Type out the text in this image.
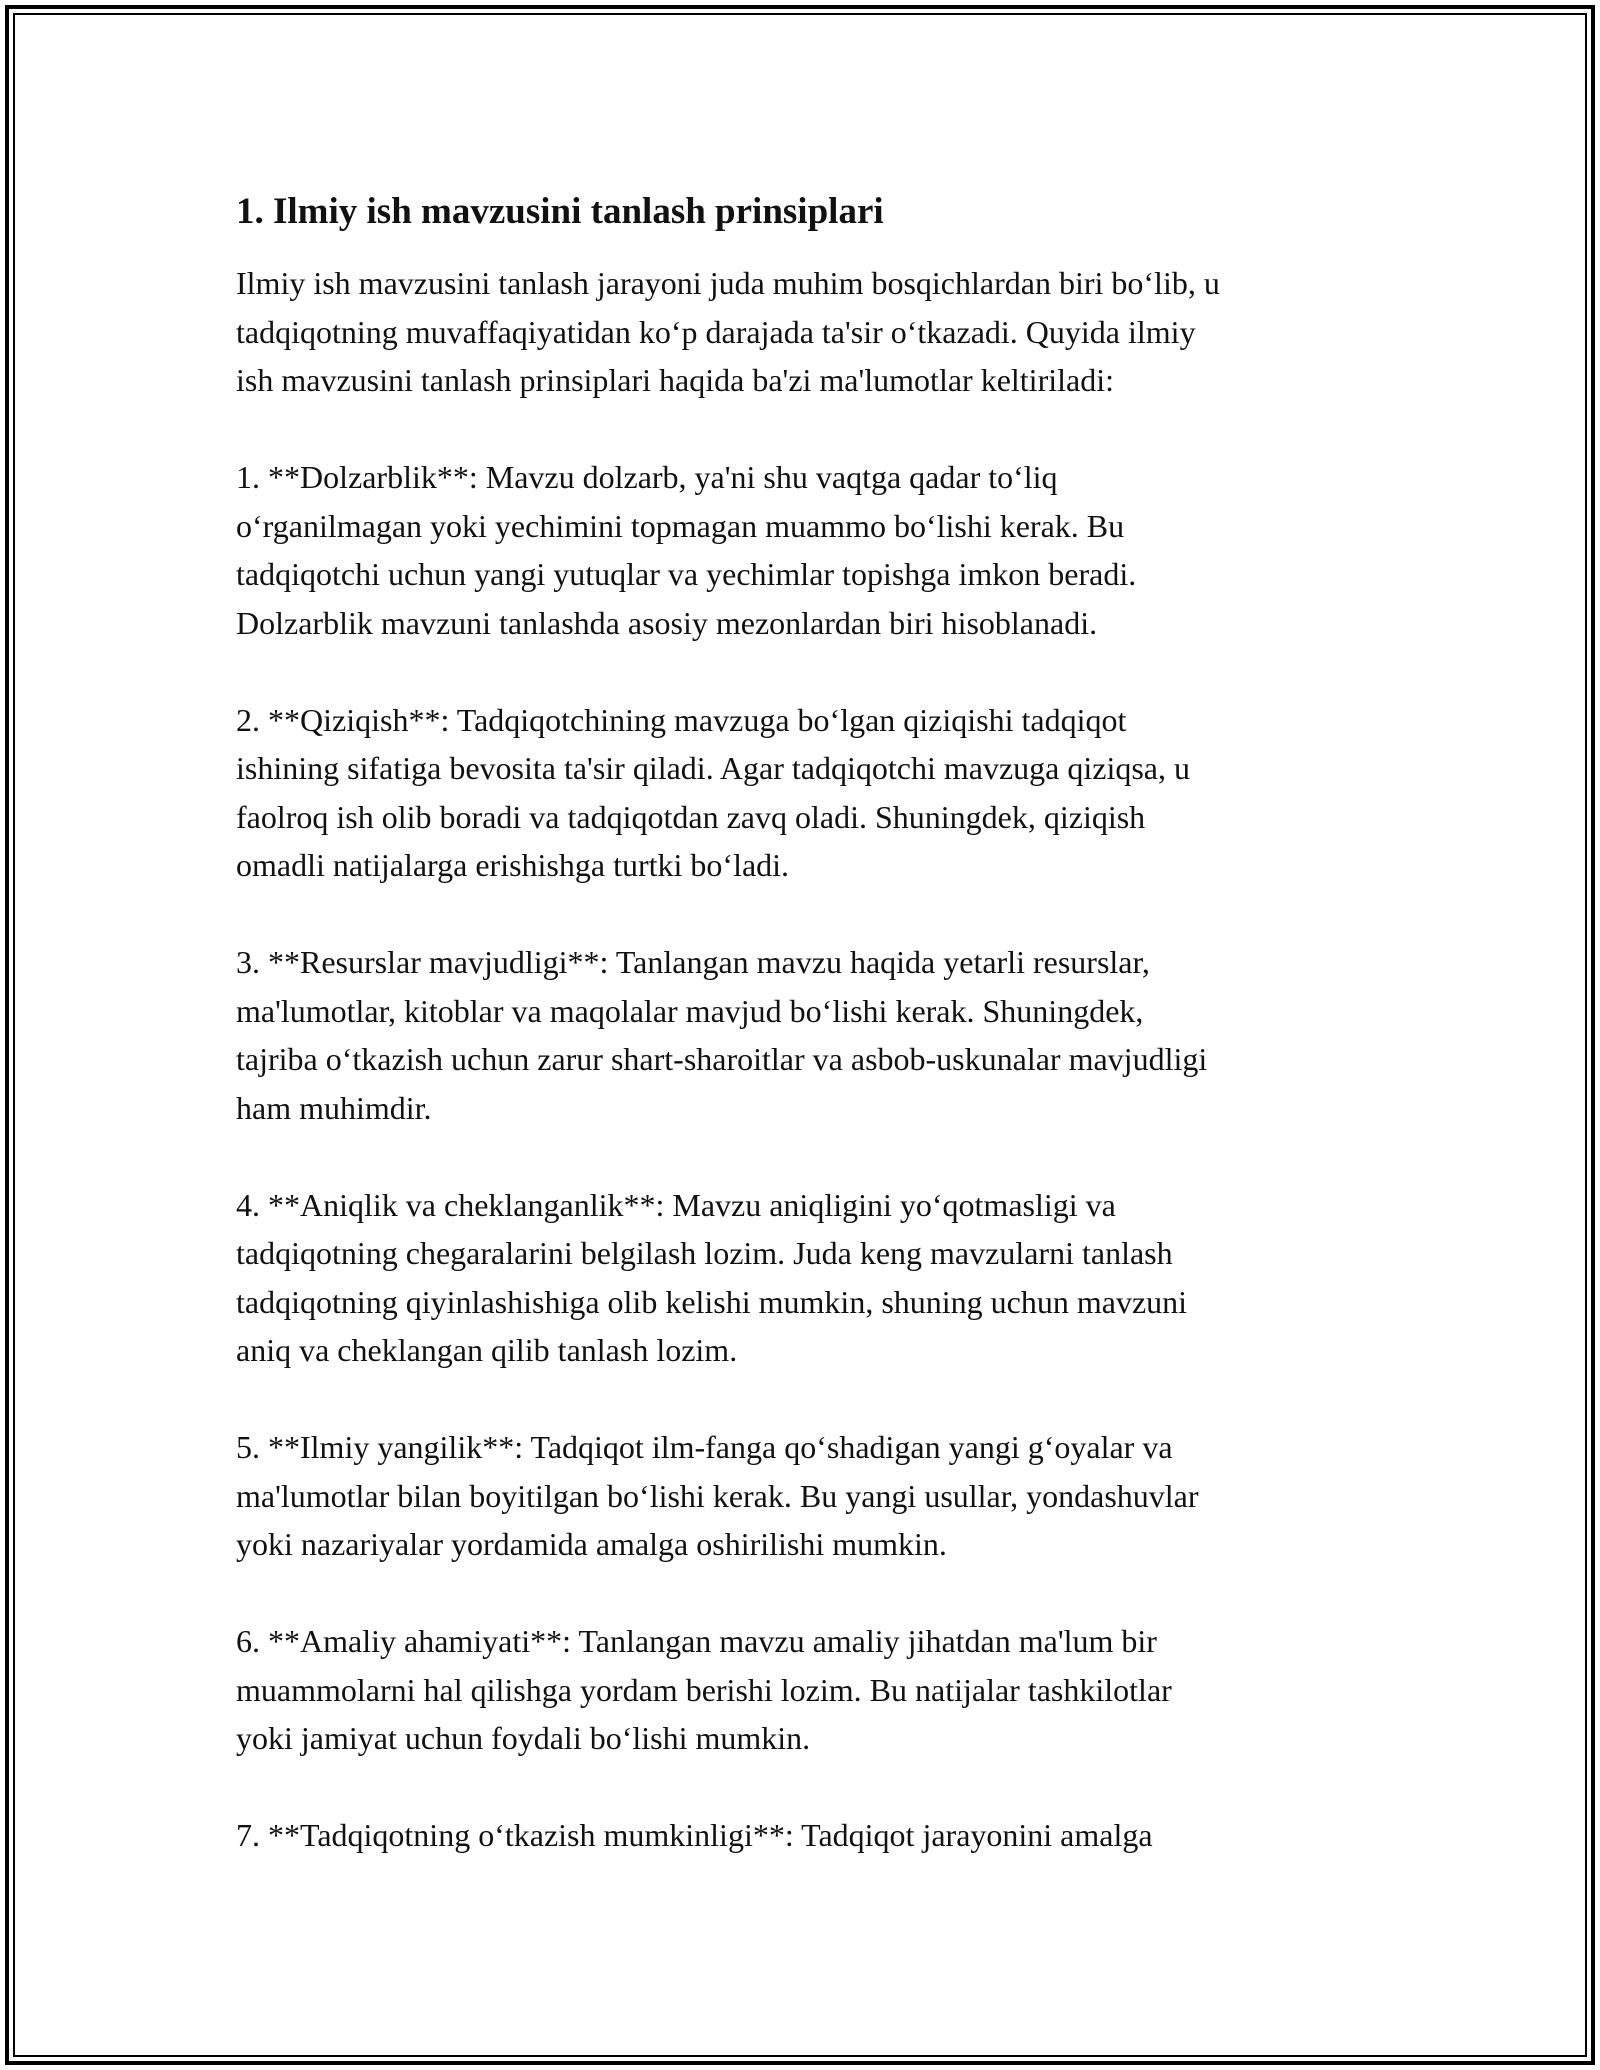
1. Ilmiy ish mavzusini tanlash prinsiplari

Ilmiy ish mavzusini tanlash jarayoni juda muhim bosqichlardan biri boʻlib, u
tadqiqotning muvaffaqiyatidan koʻp darajada ta'sir oʻtkazadi. Quyida ilmiy
ish mavzusini tanlash prinsiplari haqida ba'zi ma'lumotlar keltiriladi:

1. **Dolzarblik**: Mavzu dolzarb, ya'ni shu vaqtga qadar toʻliq
oʻrganilmagan yoki yechimini topmagan muammo boʻlishi kerak. Bu
tadqiqotchi uchun yangi yutuqlar va yechimlar topishga imkon beradi.
Dolzarblik mavzuni tanlashda asosiy mezonlardan biri hisoblanadi.

2. **Qiziqish**: Tadqiqotchining mavzuga boʻlgan qiziqishi tadqiqot
ishining sifatiga bevosita ta'sir qiladi. Agar tadqiqotchi mavzuga qiziqsa, u
faolroq ish olib boradi va tadqiqotdan zavq oladi. Shuningdek, qiziqish
omadli natijalarga erishishga turtki boʻladi.

3. **Resurslar mavjudligi**: Tanlangan mavzu haqida yetarli resurslar,
ma'lumotlar, kitoblar va maqolalar mavjud boʻlishi kerak. Shuningdek,
tajriba oʻtkazish uchun zarur shart-sharoitlar va asbob-uskunalar mavjudligi
ham muhimdir.

4. **Aniqlik va cheklanganlik**: Mavzu aniqligini yoʻqotmasligi va
tadqiqotning chegaralarini belgilash lozim. Juda keng mavzularni tanlash
tadqiqotning qiyinlashishiga olib kelishi mumkin, shuning uchun mavzuni
aniq va cheklangan qilib tanlash lozim.

5. **Ilmiy yangilik**: Tadqiqot ilm-fanga qoʻshadigan yangi gʻoyalar va
ma'lumotlar bilan boyitilgan boʻlishi kerak. Bu yangi usullar, yondashuvlar
yoki nazariyalar yordamida amalga oshirilishi mumkin.

6. **Amaliy ahamiyati**: Tanlangan mavzu amaliy jihatdan ma'lum bir
muammolarni hal qilishga yordam berishi lozim. Bu natijalar tashkilotlar
yoki jamiyat uchun foydali boʻlishi mumkin.

7. **Tadqiqotning oʻtkazish mumkinligi**: Tadqiqot jarayonini amalga
